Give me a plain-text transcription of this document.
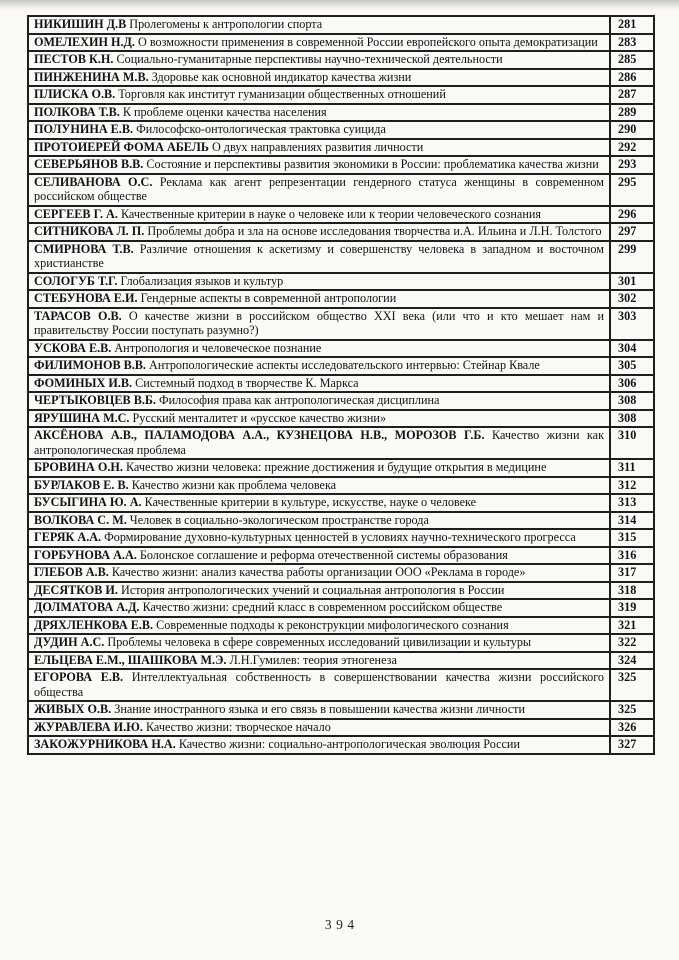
НИКИШИН Д.В Пролегомены к антропологии спорта	281
ОМЕЛЕХИН Н.Д. О возможности применения в современной России европейского опыта демократизации	283
ПЕСТОВ К.Н. Социально-гуманитарные перспективы научно-технической деятельности	285
ПИНЖЕНИНА М.В. Здоровье как основной индикатор качества жизни	286
ПЛИСКА О.В. Торговля как институт гуманизации общественных отношений	287
ПОЛКОВА Т.В. К проблеме оценки качества населения	289
ПОЛУНИНА Е.В. Философско-онтологическая трактовка суицида	290
ПРОТОИЕРЕЙ ФОМА АБЕЛЬ О двух направлениях развития личности	292
СЕВЕРЬЯНОВ В.В. Состояние и перспективы развития экономики в России: проблематика качества жизни	293
СЕЛИВАНОВА О.С. Реклама как агент репрезентации гендерного статуса женщины в современном российском обществе	295
СЕРГЕЕВ Г. А. Качественные критерии в науке о человеке или к теории человеческого сознания	296
СИТНИКОВА Л. П. Проблемы добра и зла на основе исследования творчества и.А. Ильина и Л.Н. Толстого	297
СМИРНОВА Т.В. Различие отношения к аскетизму и совершенству человека в западном и восточном христианстве	299
СОЛОГУБ Т.Г. Глобализация языков и культур	301
СТЕБУНОВА Е.И. Гендерные аспекты в современной антропологии	302
ТАРАСОВ О.В. О качестве жизни в российском общество XXI века (или что и кто мешает нам и правительству России поступать разумно?)	303
УСКОВА Е.В. Антропология и человеческое познание	304
ФИЛИМОНОВ В.В. Антропологические аспекты исследовательского интервью: Стейнар Квале	305
ФОМИНЫХ И.В. Системный подход в творчестве К. Маркса	306
ЧЕРТЫКОВЦЕВ В.Б. Философия права как антропологическая дисциплина	308
ЯРУШИНА М.С. Русский менталитет и «русское качество жизни»	308
АКСЁНОВА А.В., ПАЛАМОДОВА А.А., КУЗНЕЦОВА Н.В., МОРОЗОВ Г.Б. Качество жизни как антропологическая проблема	310
БРОВИНА О.Н. Качество жизни человека: прежние достижения и будущие открытия в медицине	311
БУРЛАКОВ Е. В. Качество жизни как проблема человека	312
БУСЫГИНА Ю. А. Качественные критерии в культуре, искусстве, науке о человеке	313
ВОЛКОВА С. М. Человек в социально-экологическом пространстве города	314
ГЕРЯК А.А. Формирование духовно-культурных ценностей в условиях научно-технического прогресса	315
ГОРБУНОВА А.А. Болонское соглашение и реформа отечественной системы образования	316
ГЛЕБОВ А.В. Качество жизни: анализ качества работы организации ООО «Реклама в городе»	317
ДЕСЯТКОВ И. История антропологических учений и социальная антропология в России	318
ДОЛМАТОВА А.Д. Качество жизни: средний класс в современном российском обществе	319
ДРЯХЛЕНКОВА Е.В. Современные подходы к реконструкции мифологического сознания	321
ДУДИН А.С. Проблемы человека в сфере современных исследований цивилизации и культуры	322
ЕЛЬЦЕВА Е.М., ШАШКОВА М.Э. Л.Н.Гумилев: теория этногенеза	324
ЕГОРОВА Е.В. Интеллектуальная собственность в совершенствовании качества жизни российского общества	325
ЖИВЫХ О.В. Знание иностранного языка и его связь в повышении качества жизни личности	325
ЖУРАВЛЕВА И.Ю. Качество жизни: творческое начало	326
ЗАКОЖУРНИКОВА Н.А. Качество жизни: социально-антропологическая эволюция России	327
394
